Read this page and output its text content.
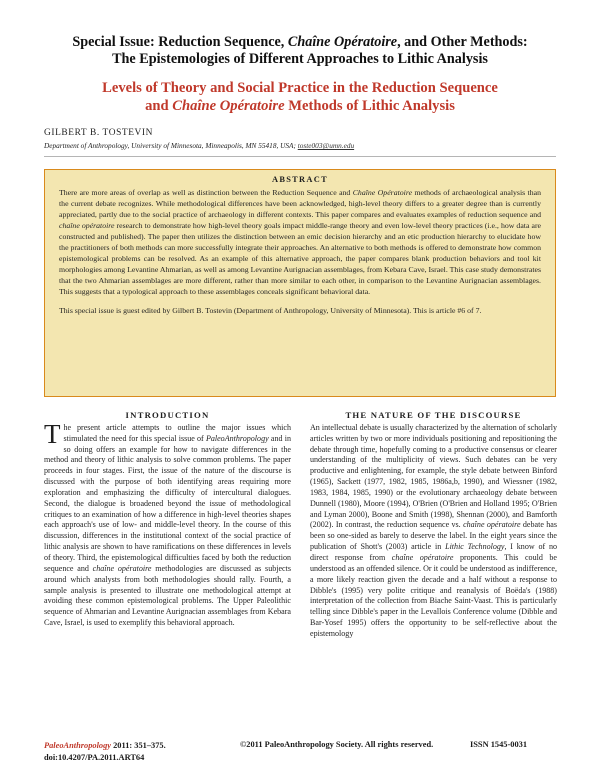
Special Issue: Reduction Sequence, Chaîne Opératoire, and Other Methods:
The Epistemologies of Different Approaches to Lithic Analysis
Levels of Theory and Social Practice in the Reduction Sequence
and Chaîne Opératoire Methods of Lithic Analysis
GILBERT B. TOSTEVIN
Department of Anthropology, University of Minnesota, Minneapolis, MN 55418, USA; toste003@umn.edu
ABSTRACT

There are more areas of overlap as well as distinction between the Reduction Sequence and Chaîne Opératoire methods of archaeological analysis than the current debate recognizes. While methodological differences have been acknowledged, high-level theory differs to a greater degree than is currently appreciated, partly due to the social practice of archaeology in different contexts. This paper compares and evaluates examples of reduction sequence and chaîne opératoire research to demonstrate how high-level theory goals impact middle-range theory and even low-level theory practices (i.e., how data are constructed and published). The paper then utilizes the distinction between an emic decision hierarchy and an etic production hierarchy to elucidate how the practitioners of both methods can more successfully integrate their approaches. An alternative to both methods is offered to demonstrate how common epistemological problems can be resolved. As an example of this alternative approach, the paper compares blank production behaviors and tool kit morphologies among Levantine Ahmarian, as well as among Levantine Aurignacian assemblages, from Kebara Cave, Israel. This case study demonstrates that the two Ahmarian assemblages are more different, rather than more similar to each other, in comparison to the Levantine Aurignacian assemblages. This suggests that a typological approach to these assemblages conceals significant behavioral data.

This special issue is guest edited by Gilbert B. Tostevin (Department of Anthropology, University of Minnesota). This is article #6 of 7.

INTRODUCTION

The present article attempts to outline the major issues which stimulated the need for this special issue of PaleoAnthropology and in so doing offers an example for how to navigate differences in the method and theory of lithic analysis to solve common problems. The paper proceeds in four stages. First, the issue of the nature of the discourse is discussed with the purpose of both identifying areas requiring more exploration and emphasizing the difficulty of intercultural dialogues. Second, the dialogue is broadened beyond the issue of methodological critiques to an examination of how a difference in high-level theories shapes each approach's use of low- and middle-level theory. In the course of this discussion, differences in the institutional context of the social practice of lithic analysis are shown to have ramifications on these differences in levels of theory. Third, the epistemological difficulties faced by both the reduction sequence and chaîne opératoire methodologies are discussed as subjects around which analysts from both methodologies should rally. Fourth, a sample analysis is presented to illustrate one methodological attempt at avoiding these common epistemological problems. The Upper Paleolithic sequence of Ahmarian and Levantine Aurignacian assemblages from Kebara Cave, Israel, is used to exemplify this behavioral approach.

THE NATURE OF THE DISCOURSE

An intellectual debate is usually characterized by the alternation of scholarly articles written by two or more individuals positioning and repositioning the debate through time, hopefully coming to a productive consensus or clearer understanding of the multiplicity of views. Such debates can be very productive and enlightening, for example, the style debate between Binford (1965), Sackett (1977, 1982, 1985, 1986a,b, 1990), and Wiessner (1982, 1983, 1984, 1985, 1990) or the evolutionary archaeology debate between Dunnell (1980), Moore (1994), O'Brien (O'Brien and Holland 1995; O'Brien and Lyman 2000), Boone and Smith (1998), Shennan (2000), and Bamforth (2002). In contrast, the reduction sequence vs. chaîne opératoire debate has been so one-sided as barely to deserve the label. In the eight years since the publication of Shott's (2003) article in Lithic Technology, I know of no direct response from chaîne opératoire proponents. This could be understood as an offended silence. Or it could be understood as indifference, a more likely reaction given the decade and a half without a response to Dibble's (1995) very polite critique and reanalysis of Boëda's (1988) interpretation of the collection from Biache Saint-Vaast. This is particularly telling since Dibble's paper in the Levallois Conference volume (Dibble and Bar-Yosef 1995) offers the opportunity to be self-reflective about the epistemology

PaleoAnthropology 2011: 351–375.
doi:10.4207/PA.2011.ART64
©2011 PaleoAnthropology Society. All rights reserved.	ISSN 1545-0031
